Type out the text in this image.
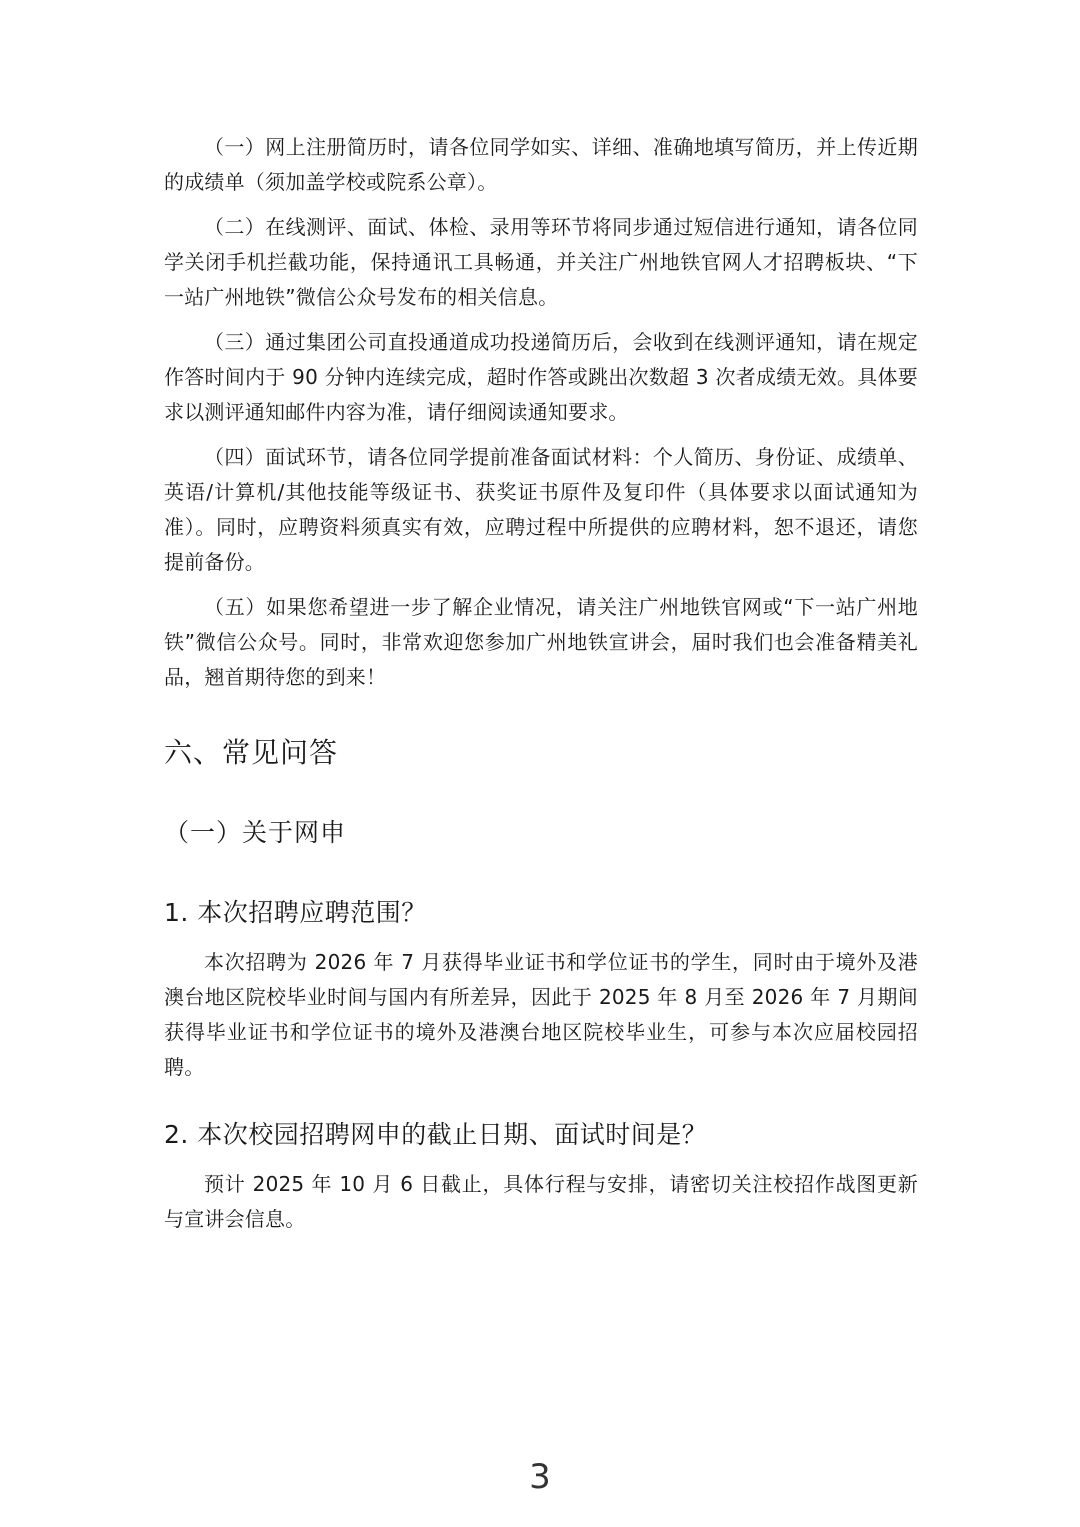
（一）网上注册简历时，请各位同学如实、详细、准确地填写简历，并上传近期的成绩单（须加盖学校或院系公章）。

（二）在线测评、面试、体检、录用等环节将同步通过短信进行通知，请各位同学关闭手机拦截功能，保持通讯工具畅通，并关注广州地铁官网人才招聘板块、“下一站广州地铁”微信公众号发布的相关信息。

（三）通过集团公司直投通道成功投递简历后，会收到在线测评通知，请在规定作答时间内于 90 分钟内连续完成，超时作答或跳出次数超 3 次者成绩无效。具体要求以测评通知邮件内容为准，请仔细阅读通知要求。

（四）面试环节，请各位同学提前准备面试材料：个人简历、身份证、成绩单、英语/计算机/其他技能等级证书、获奖证书原件及复印件（具体要求以面试通知为准）。同时，应聘资料须真实有效，应聘过程中所提供的应聘材料，恕不退还，请您提前备份。

（五）如果您希望进一步了解企业情况，请关注广州地铁官网或“下一站广州地铁”微信公众号。同时，非常欢迎您参加广州地铁宣讲会，届时我们也会准备精美礼品，翘首期待您的到来！

六、常见问答
（一）关于网申
1. 本次招聘应聘范围？

本次招聘为 2026 年 7 月获得毕业证书和学位证书的学生，同时由于境外及港澳台地区院校毕业时间与国内有所差异，因此于 2025 年 8 月至 2026 年 7 月期间获得毕业证书和学位证书的境外及港澳台地区院校毕业生，可参与本次应届校园招聘。

2. 本次校园招聘网申的截止日期、面试时间是？

预计 2025 年 10 月 6 日截止，具体行程与安排，请密切关注校招作战图更新与宣讲会信息。

3
